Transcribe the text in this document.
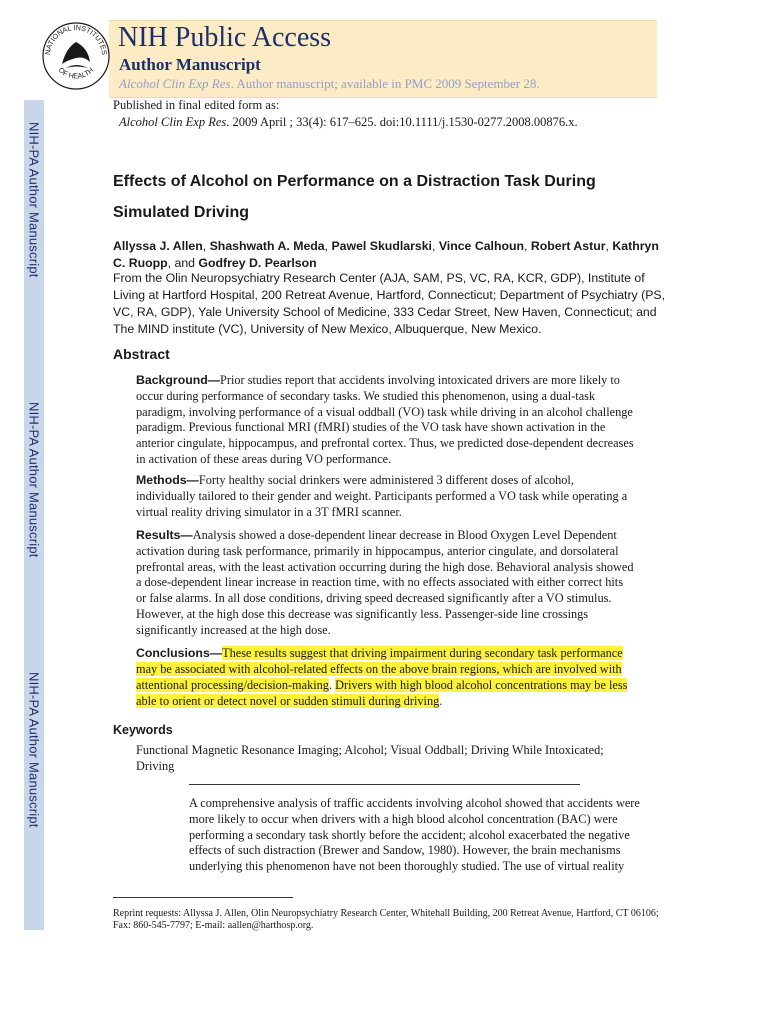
NIH-PA Author Manuscript
NIH-PA Author Manuscript
NIH-PA Author Manuscript
NATIONAL INSTITUTES
OF HEALTH
NIH Public Access
Author Manuscript
Alcohol Clin Exp Res. Author manuscript; available in PMC 2009 September 28.
Published in final edited form as:
Alcohol Clin Exp Res. 2009 April ; 33(4): 617–625. doi:10.1111/j.1530-0277.2008.00876.x.
Effects of Alcohol on Performance on a Distraction Task During Simulated Driving
Allyssa J. Allen, Shashwath A. Meda, Pawel Skudlarski, Vince Calhoun, Robert Astur, Kathryn C. Ruopp, and Godfrey D. Pearlson
From the Olin Neuropsychiatry Research Center (AJA, SAM, PS, VC, RA, KCR, GDP), Institute of Living at Hartford Hospital, 200 Retreat Avenue, Hartford, Connecticut; Department of Psychiatry (PS, VC, RA, GDP), Yale University School of Medicine, 333 Cedar Street, New Haven, Connecticut; and The MIND institute (VC), University of New Mexico, Albuquerque, New Mexico.
Abstract
Background—Prior studies report that accidents involving intoxicated drivers are more likely to occur during performance of secondary tasks. We studied this phenomenon, using a dual-task paradigm, involving performance of a visual oddball (VO) task while driving in an alcohol challenge paradigm. Previous functional MRI (fMRI) studies of the VO task have shown activation in the anterior cingulate, hippocampus, and prefrontal cortex. Thus, we predicted dose-dependent decreases in activation of these areas during VO performance.
Methods—Forty healthy social drinkers were administered 3 different doses of alcohol, individually tailored to their gender and weight. Participants performed a VO task while operating a virtual reality driving simulator in a 3T fMRI scanner.
Results—Analysis showed a dose-dependent linear decrease in Blood Oxygen Level Dependent activation during task performance, primarily in hippocampus, anterior cingulate, and dorsolateral prefrontal areas, with the least activation occurring during the high dose. Behavioral analysis showed a dose-dependent linear increase in reaction time, with no effects associated with either correct hits or false alarms. In all dose conditions, driving speed decreased significantly after a VO stimulus. However, at the high dose this decrease was significantly less. Passenger-side line crossings significantly increased at the high dose.
Conclusions—These results suggest that driving impairment during secondary task performance may be associated with alcohol-related effects on the above brain regions, which are involved with attentional processing/decision-making. Drivers with high blood alcohol concentrations may be less able to orient or detect novel or sudden stimuli during driving.
Keywords
Functional Magnetic Resonance Imaging; Alcohol; Visual Oddball; Driving While Intoxicated; Driving
A comprehensive analysis of traffic accidents involving alcohol showed that accidents were more likely to occur when drivers with a high blood alcohol concentration (BAC) were performing a secondary task shortly before the accident; alcohol exacerbated the negative effects of such distraction (Brewer and Sandow, 1980). However, the brain mechanisms underlying this phenomenon have not been thoroughly studied. The use of virtual reality
Reprint requests: Allyssa J. Allen, Olin Neuropsychiatry Research Center, Whitehall Building, 200 Retreat Avenue, Hartford, CT 06106; Fax: 860-545-7797; E-mail: aallen@harthosp.org.
